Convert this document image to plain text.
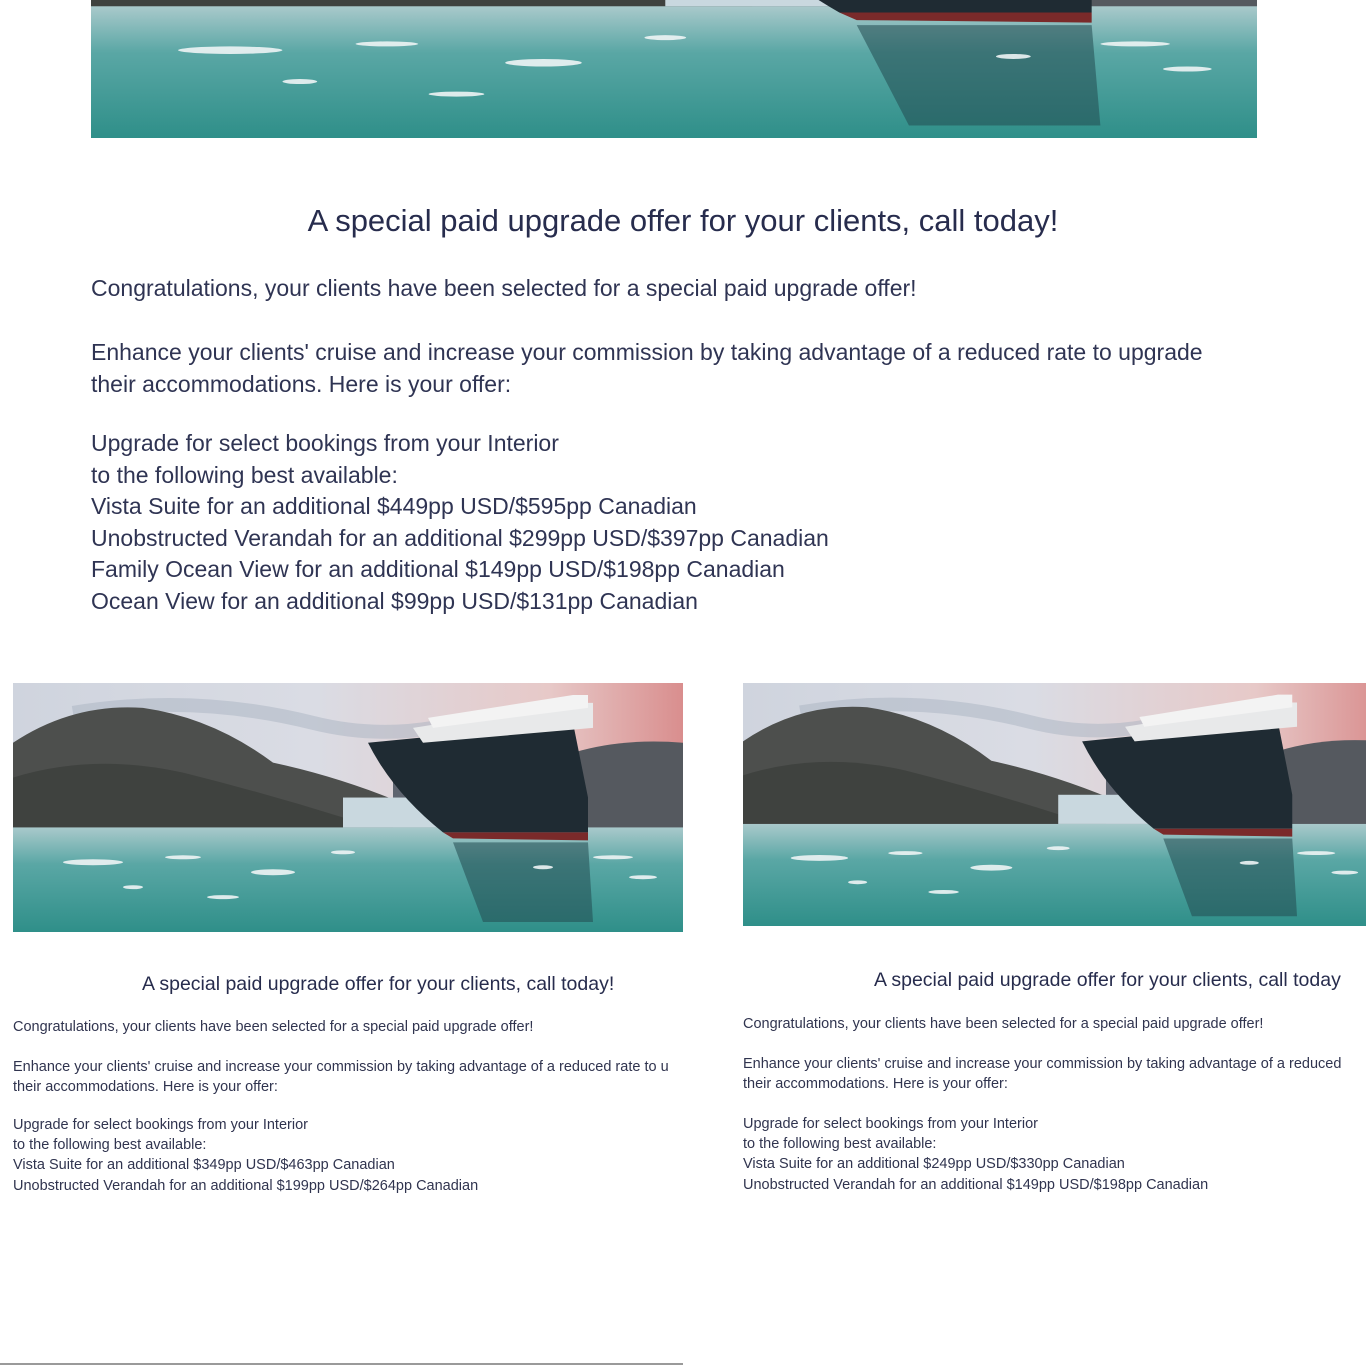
A special paid upgrade offer for your clients, call today!
Congratulations, your clients have been selected for a special paid upgrade offer!
Enhance your clients' cruise and increase your commission by taking advantage of a reduced rate to upgrade
their accommodations. Here is your offer:
Upgrade for select bookings from your Interior
to the following best available:
Vista Suite for an additional $449pp USD/$595pp Canadian
Unobstructed Verandah for an additional $299pp USD/$397pp Canadian
Family Ocean View for an additional $149pp USD/$198pp Canadian
Ocean View for an additional $99pp USD/$131pp Canadian
A special paid upgrade offer for your clients, call today!
Congratulations, your clients have been selected for a special paid upgrade offer!
Enhance your clients' cruise and increase your commission by taking advantage of a reduced rate to u
their accommodations. Here is your offer:
Upgrade for select bookings from your Interior
to the following best available:
Vista Suite for an additional $349pp USD/$463pp Canadian
Unobstructed Verandah for an additional $199pp USD/$264pp Canadian
A special paid upgrade offer for your clients, call today
Congratulations, your clients have been selected for a special paid upgrade offer!
Enhance your clients' cruise and increase your commission by taking advantage of a reduced
their accommodations. Here is your offer:
Upgrade for select bookings from your Interior
to the following best available:
Vista Suite for an additional $249pp USD/$330pp Canadian
Unobstructed Verandah for an additional $149pp USD/$198pp Canadian
